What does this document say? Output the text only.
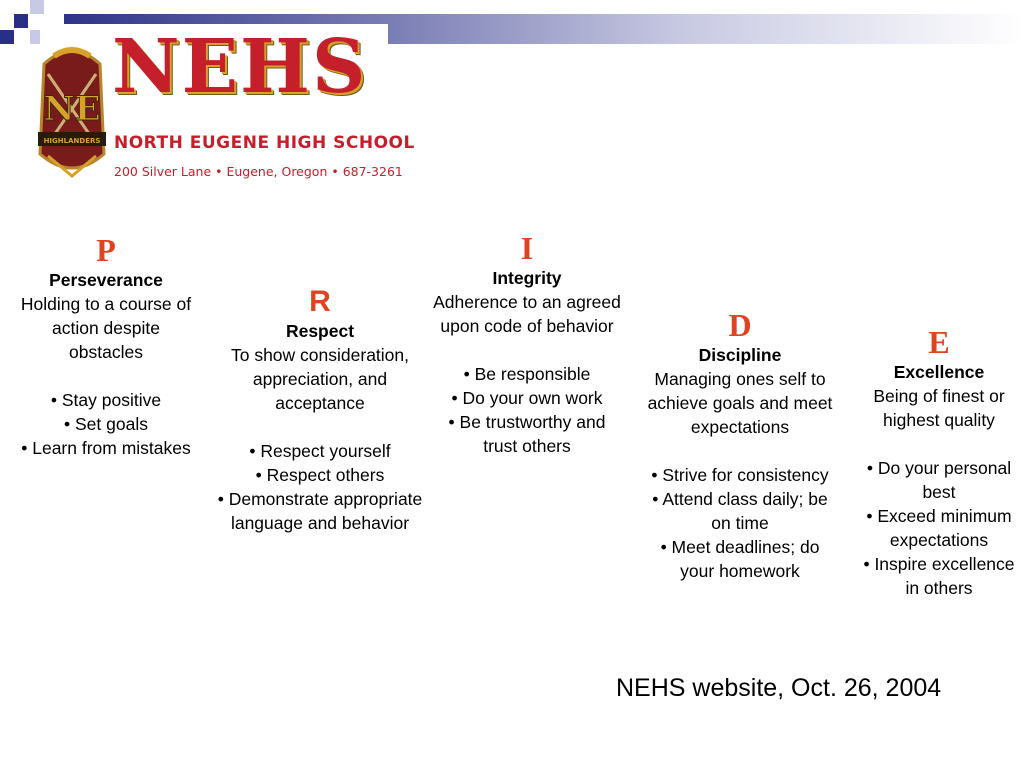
NE
HIGHLANDERS
NEHS
NORTH EUGENE HIGH SCHOOL
200 Silver Lane • Eugene, Oregon • 687-3261
P
Perseverance
Holding to a course of action despite obstacles
• Stay positive
• Set goals
• Learn from mistakes
R
Respect
To show consideration, appreciation, and acceptance
• Respect yourself
• Respect others
• Demonstrate appropriate language and behavior
I
Integrity
Adherence to an agreed upon code of behavior
• Be responsible
• Do your own work
• Be trustworthy and trust others
D
Discipline
Managing ones self to achieve goals and meet expectations
• Strive for consistency
• Attend class daily; be on time
• Meet deadlines; do your homework
E
Excellence
Being of finest or highest quality
• Do your personal best
• Exceed minimum expectations
• Inspire excellence in others
NEHS website, Oct. 26, 2004
